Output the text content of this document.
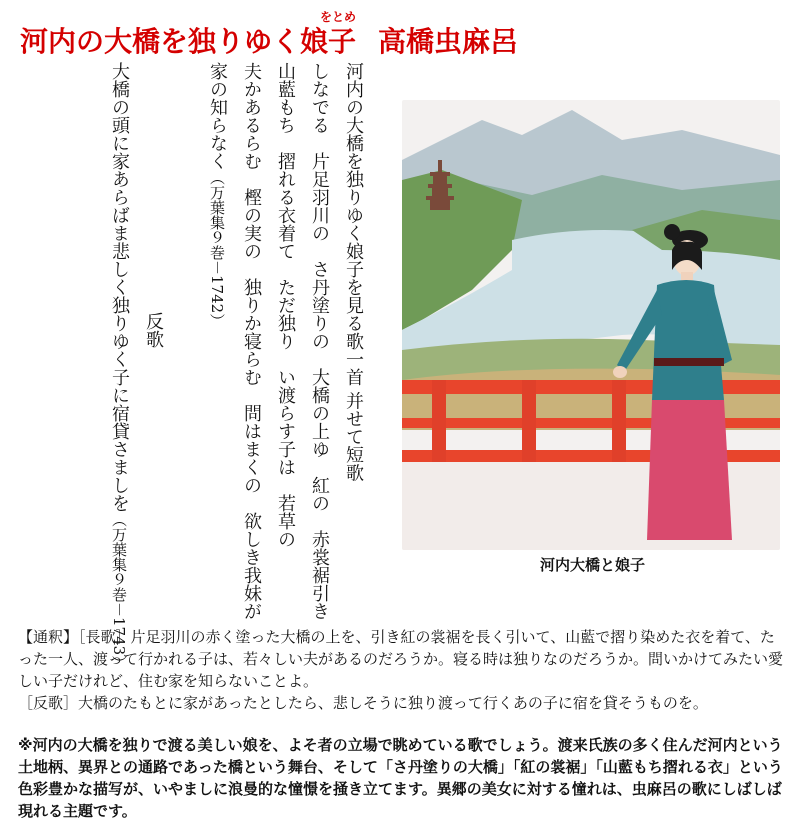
をとめ
河内の大橋を独りゆく娘子 高橋虫麻呂
河内の大橋を独りゆく娘子を見る歌一首 并せて短歌
しなでる　片足羽川の　さ丹塗りの　大橋の上ゆ　紅の　赤裳裾引き
山藍もち　摺れる衣着て　ただ独り　い渡らす子は　若草の
夫かあるらむ　樫の実の　独りか寝らむ　問はまくの　欲しき我妹が
家の知らなく（万葉集９巻－1742）
反歌
大橋の頭に家あらばま悲しく独りゆく子に宿貸さましを（万葉集９巻－1743）	河内大橋と娘子

【通釈】［長歌］片足羽川の赤く塗った大橋の上を、引き紅の裳裾を長く引いて、山藍で摺り染めた衣を着て、たった一人、渡って行かれる子は、若々しい夫があるのだろうか。寝る時は独りなのだろうか。問いかけてみたい愛しい子だけれど、住む家を知らないことよ。

［反歌］大橋のたもとに家があったとしたら、悲しそうに独り渡って行くあの子に宿を貸そうものを。

※河内の大橋を独りで渡る美しい娘を、よそ者の立場で眺めている歌でしょう。渡来氏族の多く住んだ河内という土地柄、異界との通路であった橋という舞台、そして「さ丹塗りの大橋」「紅の裳裾」「山藍もち摺れる衣」という色彩豊かな描写が、いやましに浪曼的な憧憬を掻き立てます。異郷の美女に対する憧れは、虫麻呂の歌にしばしば現れる主題です。
